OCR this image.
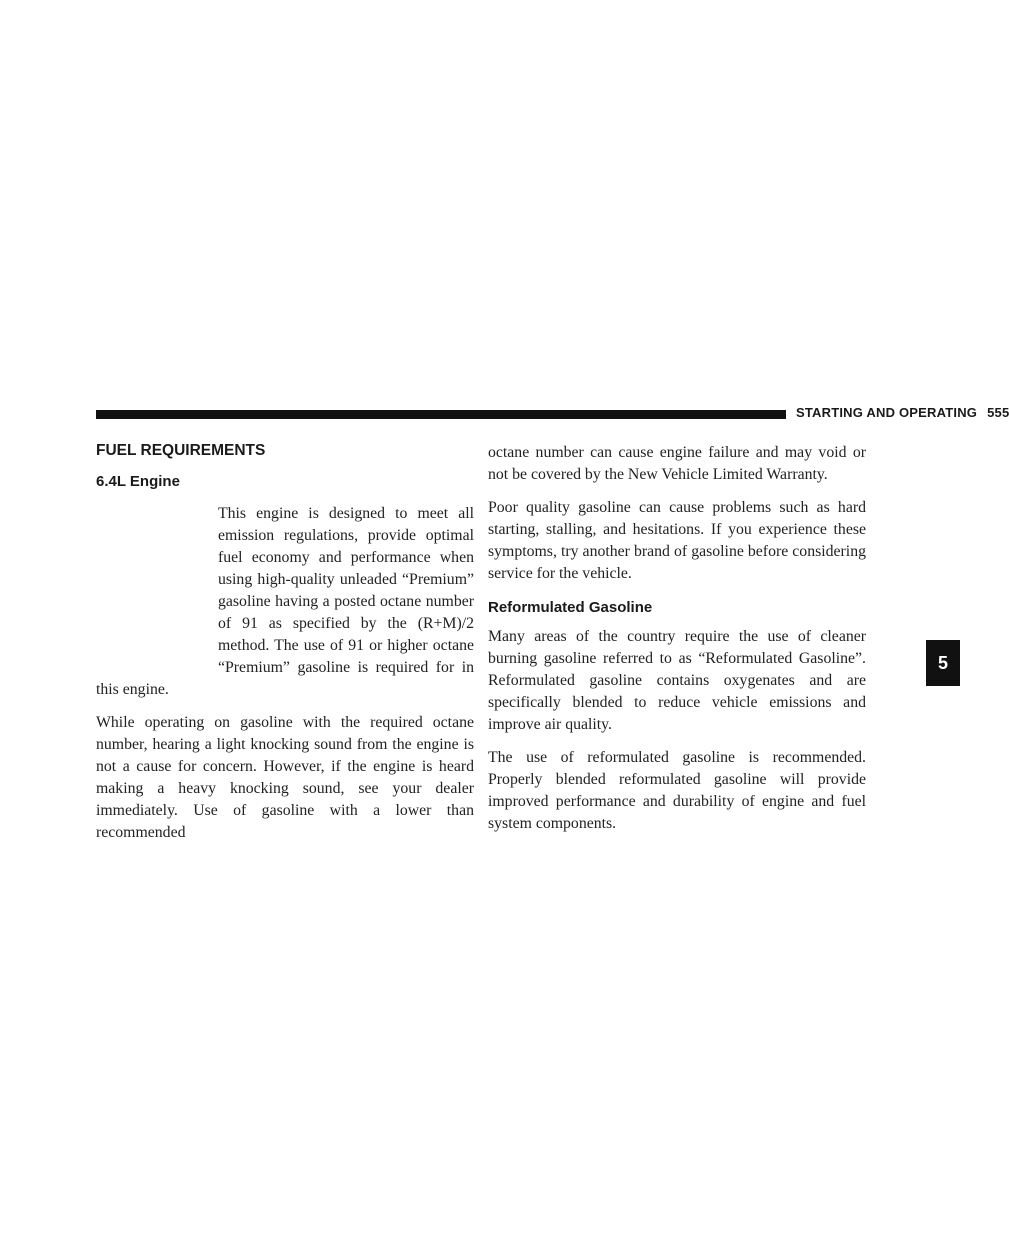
STARTING AND OPERATING 555
5
FUEL REQUIREMENTS
6.4L Engine

This engine is designed to meet all emission regulations, provide optimal fuel economy and performance when using high-quality unleaded “Premium” gasoline having a posted octane number of 91 as specified by the (R+M)/2 method. The use of 91 or higher octane “Premium” gasoline is required for in this engine.

While operating on gasoline with the required octane number, hearing a light knocking sound from the engine is not a cause for concern. However, if the engine is heard making a heavy knocking sound, see your dealer immediately. Use of gasoline with a lower than recommended

octane number can cause engine failure and may void or not be covered by the New Vehicle Limited Warranty.

Poor quality gasoline can cause problems such as hard starting, stalling, and hesitations. If you experience these symptoms, try another brand of gasoline before considering service for the vehicle.

Reformulated Gasoline

Many areas of the country require the use of cleaner burning gasoline referred to as “Reformulated Gasoline”. Reformulated gasoline contains oxygenates and are specifically blended to reduce vehicle emissions and improve air quality.

The use of reformulated gasoline is recommended. Properly blended reformulated gasoline will provide improved performance and durability of engine and fuel system components.
